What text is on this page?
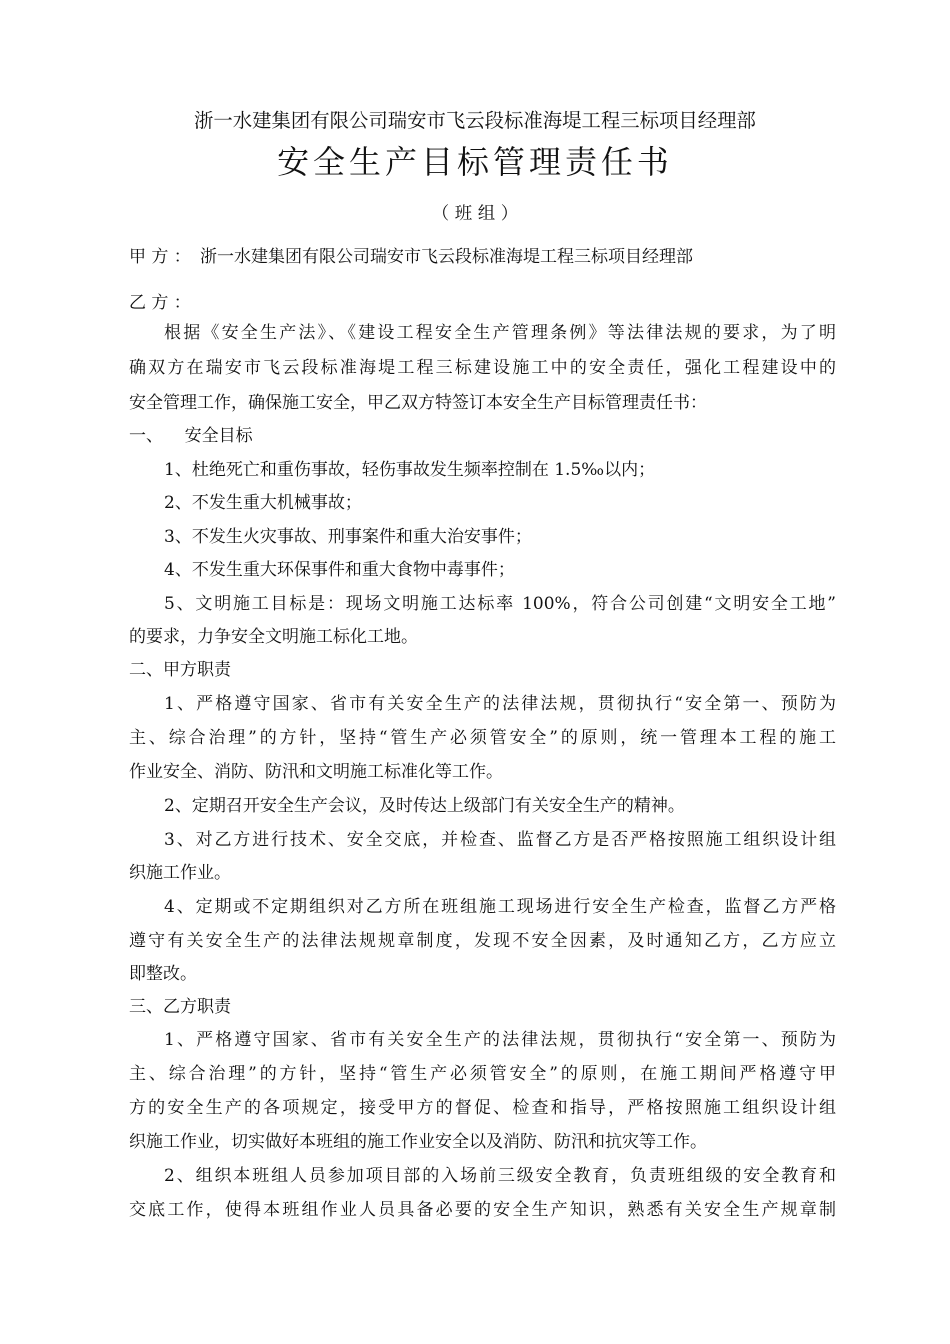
浙一水建集团有限公司瑞安市飞云段标准海堤工程三标项目经理部
安全生产目标管理责任书
（ 班 组 ）
甲 方 ： 浙一水建集团有限公司瑞安市飞云段标准海堤工程三标项目经理部
乙 方 ：
根据《安全生产法》、《建设工程安全生产管理条例》等法律法规的要求，为了明
确双方在瑞安市飞云段标准海堤工程三标建设施工中的安全责任，强化工程建设中的
安全管理工作，确保施工安全，甲乙双方特签订本安全生产目标管理责任书：
一、    安全目标
1、杜绝死亡和重伤事故，轻伤事故发生频率控制在 1.5‰以内；
2、不发生重大机械事故；
3、不发生火灾事故、刑事案件和重大治安事件；
4、不发生重大环保事件和重大食物中毒事件；
5、文明施工目标是：现场文明施工达标率 100%，符合公司创建“文明安全工地”
的要求，力争安全文明施工标化工地。
二、甲方职责
1、严格遵守国家、省市有关安全生产的法律法规，贯彻执行“安全第一、预防为
主、综合治理”的方针，坚持“管生产必须管安全”的原则，统一管理本工程的施工
作业安全、消防、防汛和文明施工标准化等工作。
2、定期召开安全生产会议，及时传达上级部门有关安全生产的精神。
3、对乙方进行技术、安全交底，并检查、监督乙方是否严格按照施工组织设计组
织施工作业。
4、定期或不定期组织对乙方所在班组施工现场进行安全生产检查，监督乙方严格
遵守有关安全生产的法律法规规章制度，发现不安全因素，及时通知乙方，乙方应立
即整改。
三、乙方职责
1、严格遵守国家、省市有关安全生产的法律法规，贯彻执行“安全第一、预防为
主、综合治理”的方针，坚持“管生产必须管安全”的原则，在施工期间严格遵守甲
方的安全生产的各项规定，接受甲方的督促、检查和指导，严格按照施工组织设计组
织施工作业，切实做好本班组的施工作业安全以及消防、防汛和抗灾等工作。
2、组织本班组人员参加项目部的入场前三级安全教育，负责班组级的安全教育和
交底工作，使得本班组作业人员具备必要的安全生产知识，熟悉有关安全生产规章制
